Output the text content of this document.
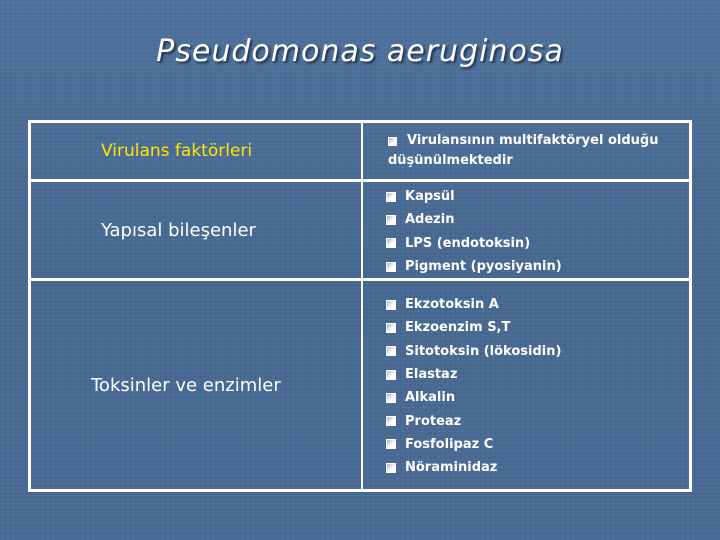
Pseudomonas aeruginosa
Virulans faktörleri
Virulansının multifaktöryel olduğu
düşünülmektedir
Yapısal bileşenler
Kapsül
Adezin
LPS (endotoksin)
Pigment (pyosiyanin)
Toksinler ve enzimler
Ekzotoksin A
Ekzoenzim S,T
Sitotoksin (lökosidin)
Elastaz
Alkalin
Proteaz
Fosfolipaz C
Nöraminidaz
